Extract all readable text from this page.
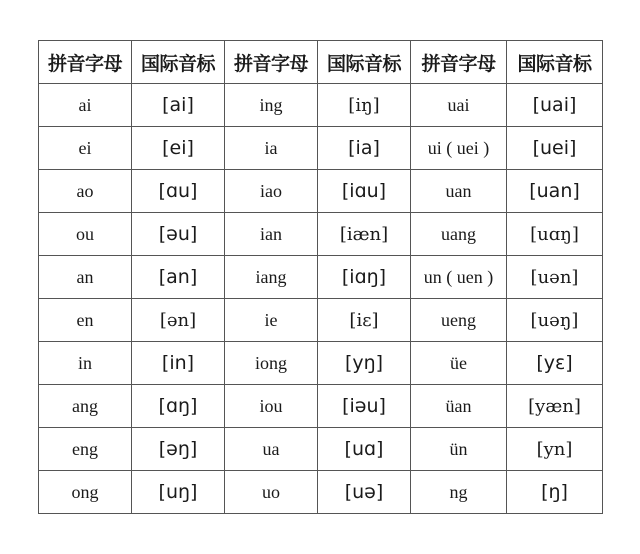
拼音字母	国际音标	拼音字母	国际音标	拼音字母	国际音标
ai	[ai]	ing	[iŋ]	uai	[uai]
ei	[ei]	ia	[ia]	ui ( uei )	[uei]
ao	[ɑu]	iao	[iɑu]	uan	[uan]
ou	[əu]	ian	[iæn]	uang	[uɑŋ]
an	[an]	iang	[iɑŋ]	un ( uen )	[uən]
en	[ən]	ie	[iɛ]	ueng	[uəŋ]
in	[in]	iong	[yŋ]	üe	[yɛ]
ang	[ɑŋ]	iou	[iəu]	üan	[yæn]
eng	[əŋ]	ua	[uɑ]	ün	[yn]
ong	[uŋ]	uo	[uə]	ng	[ŋ]
